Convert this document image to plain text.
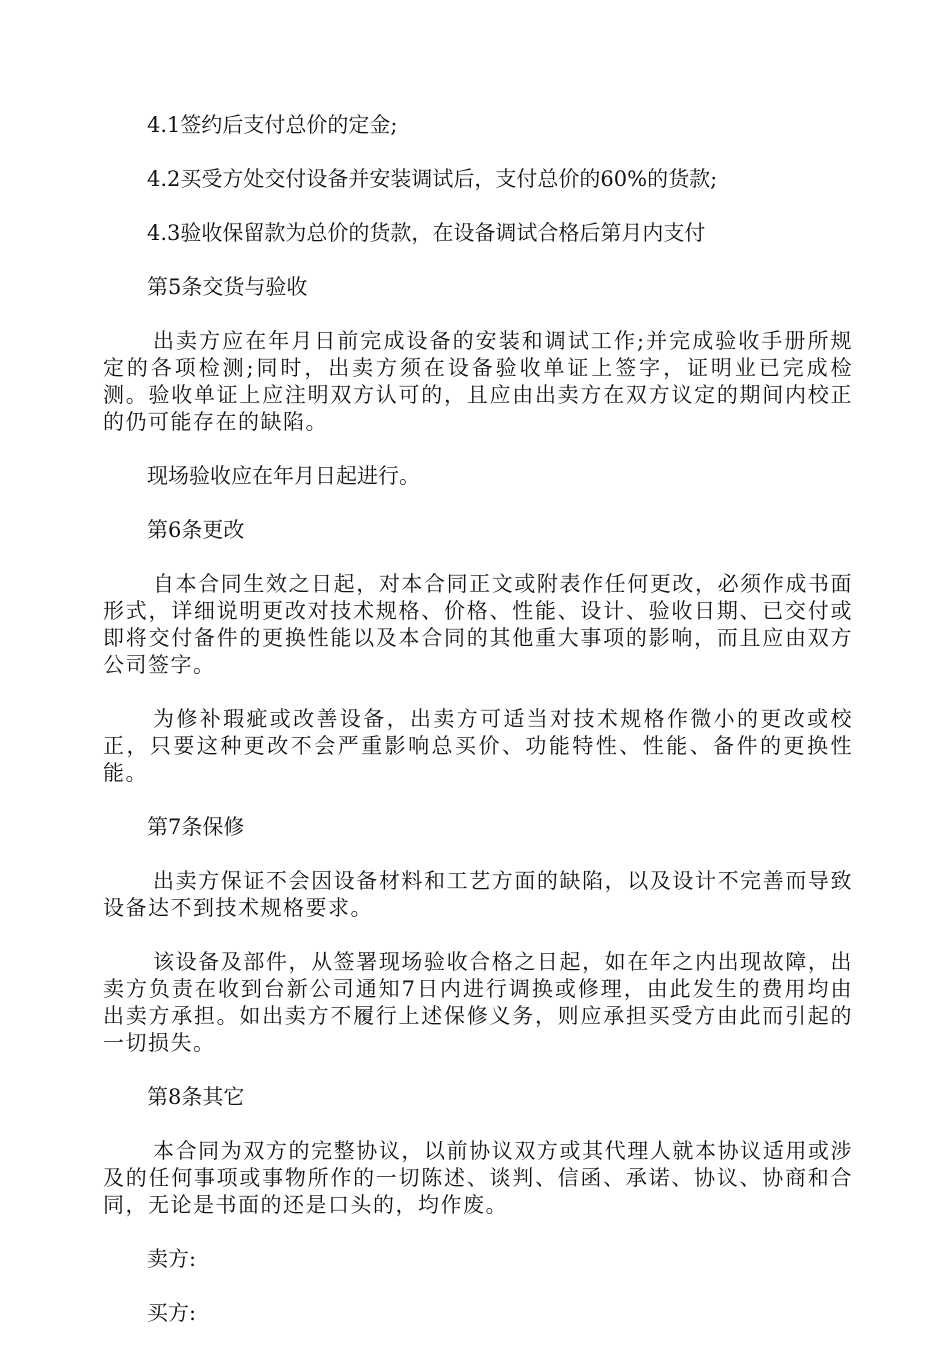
4.1签约后支付总价的定金;

4.2买受方处交付设备并安装调试后，支付总价的60%的货款;

4.3验收保留款为总价的货款，在设备调试合格后第月内支付

第5条交货与验收

出卖方应在年月日前完成设备的安装和调试工作;并完成验收手册所规定的各项检测;同时，出卖方须在设备验收单证上签字，证明业已完成检测。验收单证上应注明双方认可的，且应由出卖方在双方议定的期间内校正的仍可能存在的缺陷。

现场验收应在年月日起进行。

第6条更改

自本合同生效之日起，对本合同正文或附表作任何更改，必须作成书面形式，详细说明更改对技术规格、价格、性能、设计、验收日期、已交付或即将交付备件的更换性能以及本合同的其他重大事项的影响，而且应由双方公司签字。

为修补瑕疵或改善设备，出卖方可适当对技术规格作微小的更改或校正，只要这种更改不会严重影响总买价、功能特性、性能、备件的更换性能。

第7条保修

出卖方保证不会因设备材料和工艺方面的缺陷，以及设计不完善而导致设备达不到技术规格要求。

该设备及部件，从签署现场验收合格之日起，如在年之内出现故障，出卖方负责在收到台新公司通知7日内进行调换或修理，由此发生的费用均由出卖方承担。如出卖方不履行上述保修义务，则应承担买受方由此而引起的一切损失。

第8条其它

本合同为双方的完整协议，以前协议双方或其代理人就本协议适用或涉及的任何事项或事物所作的一切陈述、谈判、信函、承诺、协议、协商和合同，无论是书面的还是口头的，均作废。

卖方:

买方:
